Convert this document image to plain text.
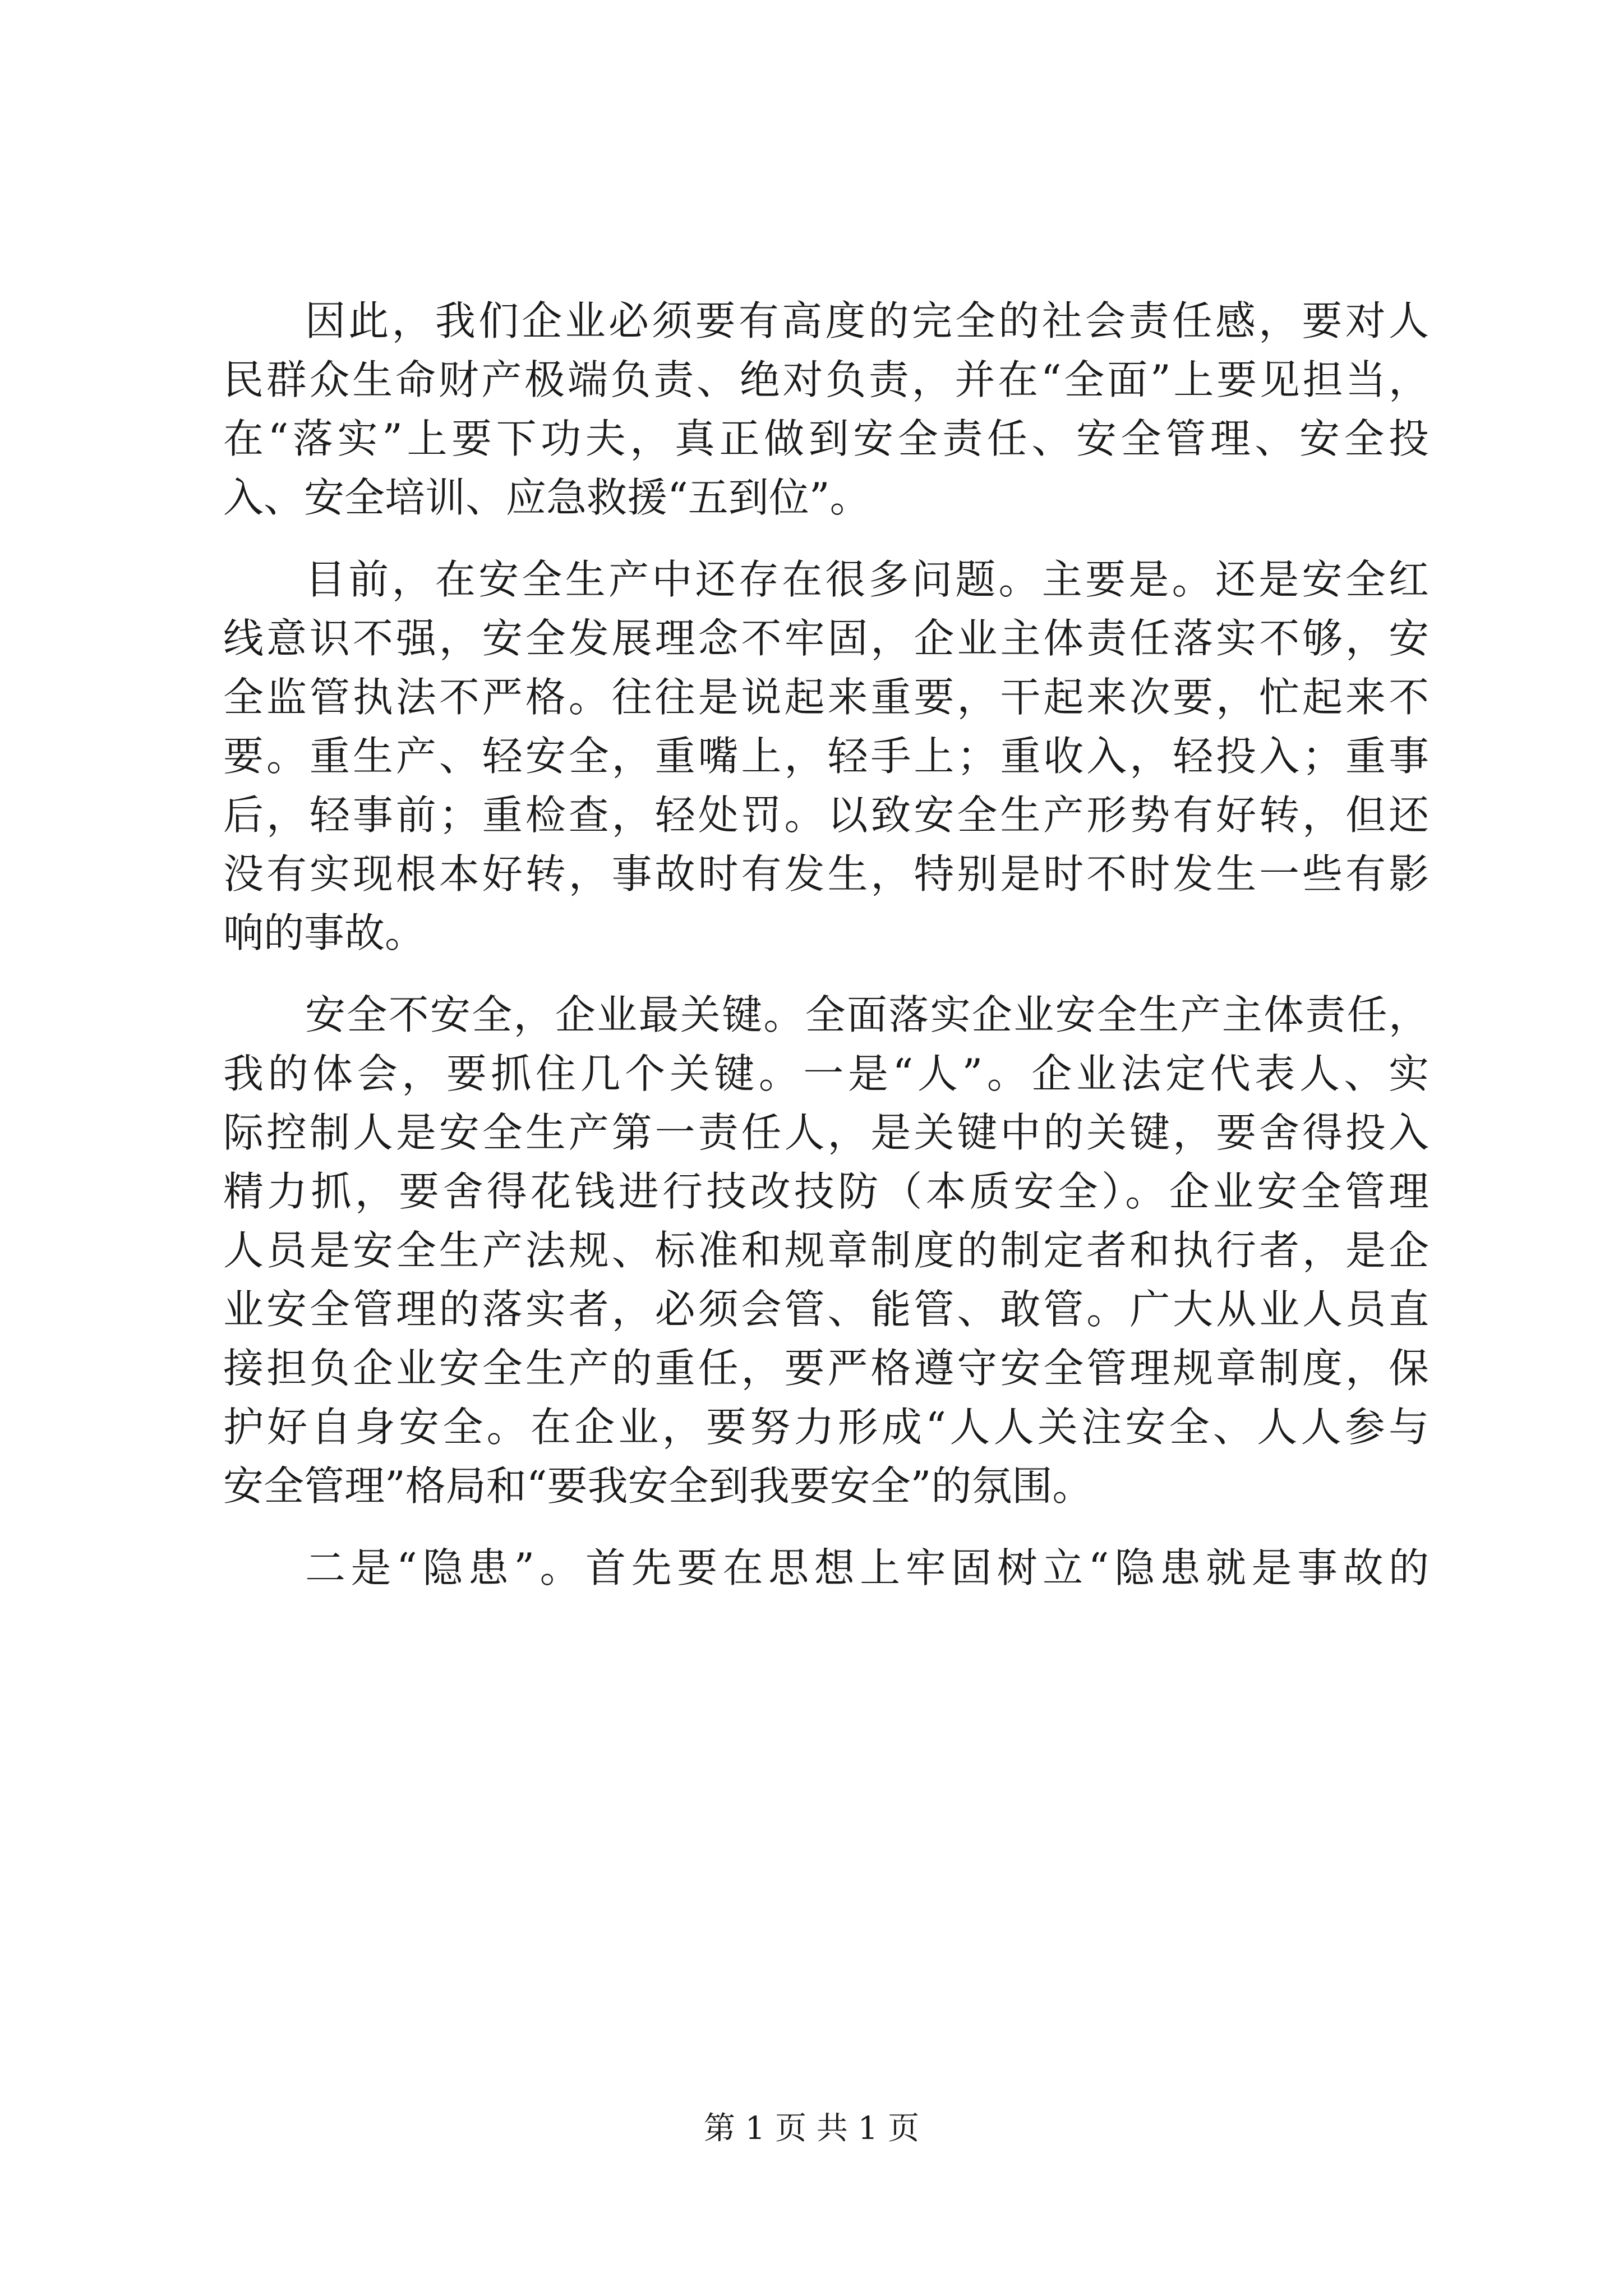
因此，我们企业必须要有高度的完全的社会责任感，要对人
民群众生命财产极端负责、绝对负责，并在“全面”上要见担当，
在“落实”上要下功夫，真正做到安全责任、安全管理、安全投
入、安全培训、应急救援“五到位”。
目前，在安全生产中还存在很多问题。主要是。还是安全红
线意识不强，安全发展理念不牢固，企业主体责任落实不够，安
全监管执法不严格。往往是说起来重要，干起来次要，忙起来不
要。重生产、轻安全，重嘴上，轻手上；重收入，轻投入；重事
后，轻事前；重检查，轻处罚。以致安全生产形势有好转，但还
没有实现根本好转，事故时有发生，特别是时不时发生一些有影
响的事故。
安全不安全，企业最关键。全面落实企业安全生产主体责任，
我的体会，要抓住几个关键。一是“人”。企业法定代表人、实
际控制人是安全生产第一责任人，是关键中的关键，要舍得投入
精力抓，要舍得花钱进行技改技防（本质安全）。企业安全管理
人员是安全生产法规、标准和规章制度的制定者和执行者，是企
业安全管理的落实者，必须会管、能管、敢管。广大从业人员直
接担负企业安全生产的重任，要严格遵守安全管理规章制度，保
护好自身安全。在企业，要努力形成“人人关注安全、人人参与
安全管理”格局和“要我安全到我要安全”的氛围。
二是“隐患”。首先要在思想上牢固树立“隐患就是事故的
第 1 页 共 1 页
